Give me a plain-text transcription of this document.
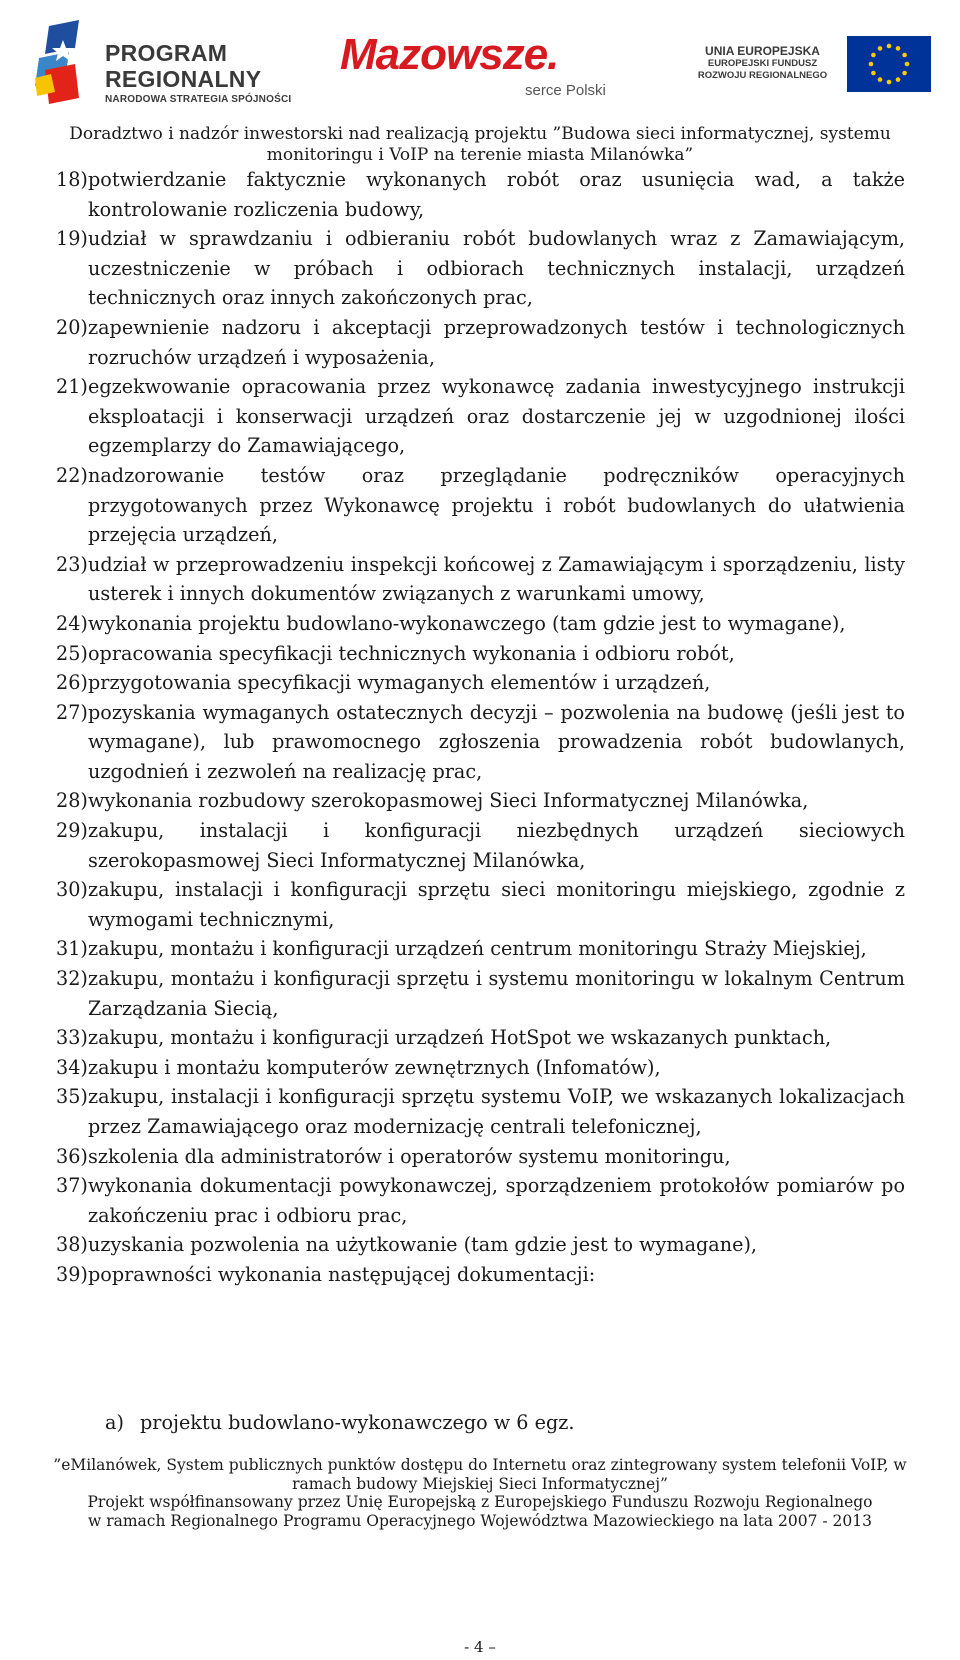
PROGRAM
REGIONALNY
NARODOWA STRATEGIA SPÓJNOŚCI
Mazowsze.
serce Polski
UNIA EUROPEJSKA
EUROPEJSKI FUNDUSZ
ROZWOJU REGIONALNEGO
Doradztwo i nadzór inwestorski nad realizacją projektu ”Budowa sieci informatycznej, systemu
monitoringu i VoIP na terenie miasta Milanówka”
18) potwierdzanie faktycznie wykonanych robót oraz usunięcia wad, a także kontrolowanie rozliczenia budowy,
19) udział w sprawdzaniu i odbieraniu robót budowlanych wraz z Zamawiającym, uczestniczenie w próbach i odbiorach technicznych instalacji, urządzeń technicznych oraz innych zakończonych prac,
20) zapewnienie nadzoru i akceptacji przeprowadzonych testów i technologicznych rozruchów urządzeń i wyposażenia,
21) egzekwowanie opracowania przez wykonawcę zadania inwestycyjnego instrukcji eksploatacji i konserwacji urządzeń oraz dostarczenie jej w uzgodnionej ilości egzemplarzy do Zamawiającego,
22) nadzorowanie testów oraz przeglądanie podręczników operacyjnych przygotowanych przez Wykonawcę projektu i robót budowlanych do ułatwienia przejęcia urządzeń,
23) udział w przeprowadzeniu inspekcji końcowej z Zamawiającym i sporządzeniu, listy usterek i innych dokumentów związanych z warunkami umowy,
24) wykonania projektu budowlano-wykonawczego (tam gdzie jest to wymagane),
25) opracowania specyfikacji technicznych wykonania i odbioru robót,
26) przygotowania specyfikacji wymaganych elementów i urządzeń,
27) pozyskania wymaganych ostatecznych decyzji – pozwolenia na budowę (jeśli jest to wymagane), lub prawomocnego zgłoszenia prowadzenia robót budowlanych, uzgodnień i zezwoleń na realizację prac,
28) wykonania rozbudowy szerokopasmowej Sieci Informatycznej Milanówka,
29) zakupu, instalacji i konfiguracji niezbędnych urządzeń sieciowych szerokopasmowej Sieci Informatycznej Milanówka,
30) zakupu, instalacji i konfiguracji sprzętu sieci monitoringu miejskiego, zgodnie z wymogami technicznymi,
31) zakupu, montażu i konfiguracji urządzeń centrum monitoringu Straży Miejskiej,
32) zakupu, montażu i konfiguracji sprzętu i systemu monitoringu w lokalnym Centrum Zarządzania Siecią,
33) zakupu, montażu i konfiguracji urządzeń HotSpot we wskazanych punktach,
34) zakupu i montażu komputerów zewnętrznych (Infomatów),
35) zakupu, instalacji i konfiguracji sprzętu systemu VoIP, we wskazanych lokalizacjach przez Zamawiającego oraz modernizację centrali telefonicznej,
36) szkolenia dla administratorów i operatorów systemu monitoringu,
37) wykonania dokumentacji powykonawczej, sporządzeniem protokołów pomiarów po zakończeniu prac i odbioru prac,
38) uzyskania pozwolenia na użytkowanie (tam gdzie jest to wymagane),
39) poprawności wykonania następującej dokumentacji:
a) projektu budowlano-wykonawczego w 6 egz.
”eMilanówek, System publicznych punktów dostępu do Internetu oraz zintegrowany system telefonii VoIP, w
ramach budowy Miejskiej Sieci Informatycznej”
Projekt współfinansowany przez Unię Europejską z Europejskiego Funduszu Rozwoju Regionalnego
w ramach Regionalnego Programu Operacyjnego Województwa Mazowieckiego na lata 2007 - 2013
- 4 –
